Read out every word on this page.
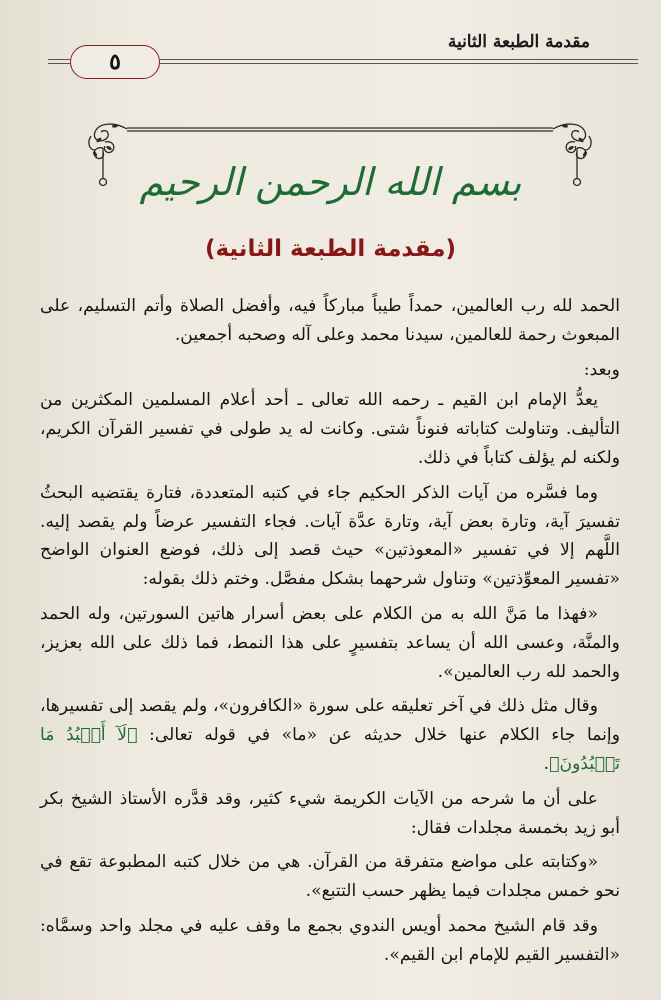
مقدمة الطبعة الثانية
٥
بسم الله الرحمن الرحيم
(مقدمة الطبعة الثانية)

الحمد لله رب العالمين، حمداً طيباً مباركاً فيه، وأفضل الصلاة وأتم التسليم، على المبعوث رحمة للعالمين، سيدنا محمد وعلى آله وصحبه أجمعين.

وبعد:

يعدُّ الإمام ابن القيم ـ رحمه الله تعالى ـ أحد أعلام المسلمين المكثرين من التأليف. وتناولت كتاباته فنوناً شتى. وكانت له يد طولى في تفسير القرآن الكريم، ولكنه لم يؤلف كتاباً في ذلك.

وما فسَّره من آيات الذكر الحكيم جاء في كتبه المتعددة، فتارة يقتضيه البحثُ تفسيرَ آية، وتارة بعض آية، وتارة عدَّة آيات. فجاء التفسير عرضاً ولم يقصد إليه. اللَّهم إلا في تفسير «المعوذتين» حيث قصد إلى ذلك، فوضع العنوان الواضح «تفسير المعوِّذتين» وتناول شرحهما بشكل مفصَّل. وختم ذلك بقوله:

«فهذا ما مَنَّ الله به من الكلام على بعض أسرار هاتين السورتين، وله الحمد والمنَّة، وعسى الله أن يساعد بتفسيرٍ على هذا النمط، فما ذلك على الله بعزيز، والحمد لله رب العالمين».

وقال مثل ذلك في آخر تعليقه على سورة «الكافرون»، ولم يقصد إلى تفسيرها، وإنما جاء الكلام عنها خلال حديثه عن «ما» في قوله تعالى: ﴿لَآ أَعۡبُدُ مَا تَعۡبُدُونَ﴾.

على أن ما شرحه من الآيات الكريمة شيء كثير، وقد قدَّره الأستاذ الشيخ بكر أبو زيد بخمسة مجلدات فقال:

«وكتابته على مواضع متفرقة من القرآن. هي من خلال كتبه المطبوعة تقع في نحو خمس مجلدات فيما يظهر حسب التتبع».

وقد قام الشيخ محمد أويس الندوي بجمع ما وقف عليه في مجلد واحد وسمَّاه: «التفسير القيم للإمام ابن القيم».
